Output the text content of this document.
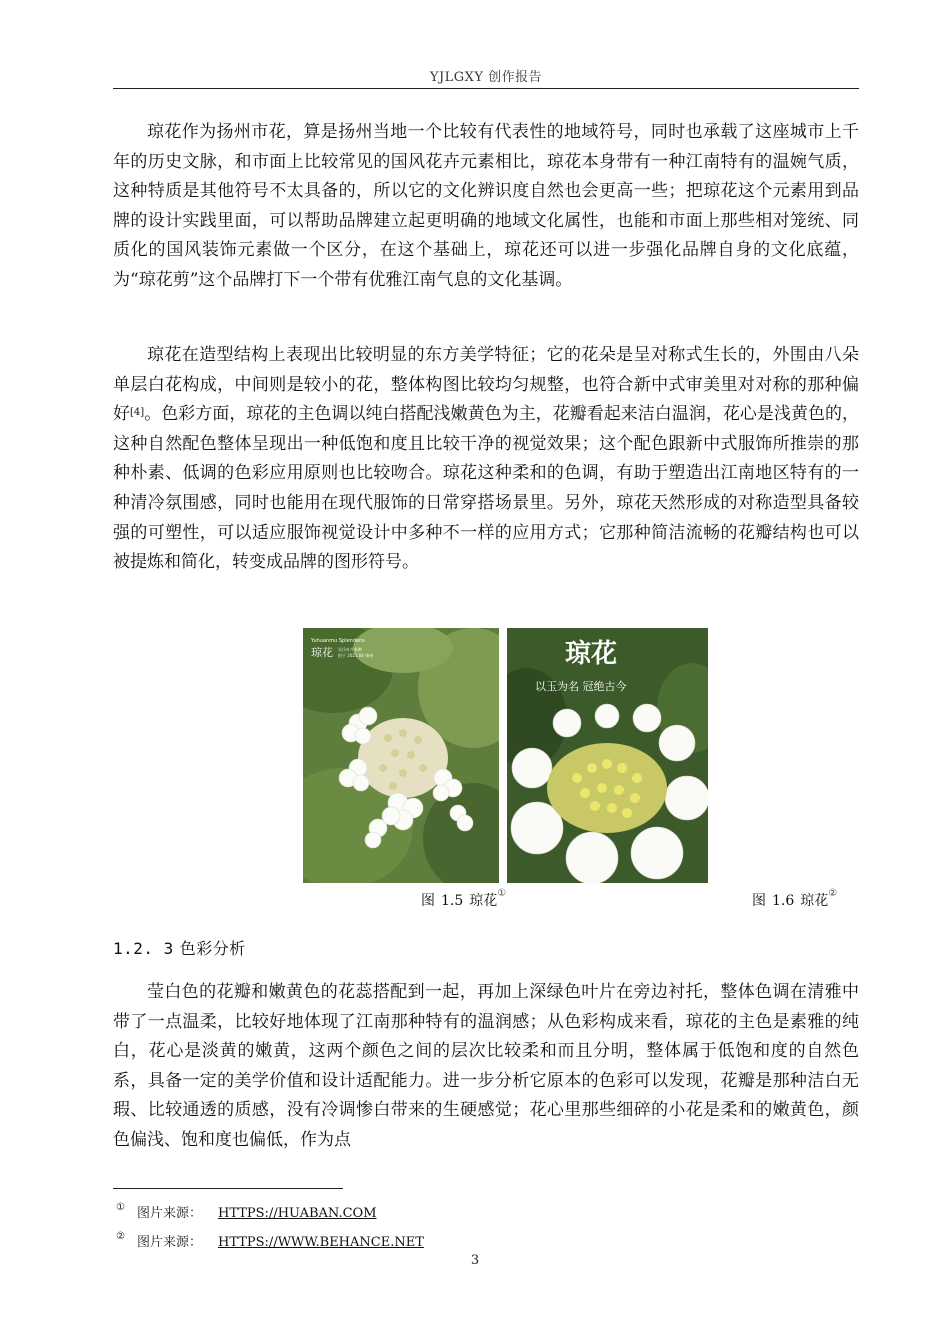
YJLGXY 创作报告

琼花作为扬州市花，算是扬州当地一个比较有代表性的地域符号，同时也承载了这座城市上千年的历史文脉，和市面上比较常见的国风花卉元素相比，琼花本身带有一种江南特有的温婉气质，这种特质是其他符号不太具备的，所以它的文化辨识度自然也会更高一些；把琼花这个元素用到品牌的设计实践里面，可以帮助品牌建立起更明确的地域文化属性，也能和市面上那些相对笼统、同质化的国风装饰元素做一个区分，在这个基础上，琼花还可以进一步强化品牌自身的文化底蕴，为“琼花剪”这个品牌打下一个带有优雅江南气息的文化基调。

琼花在造型结构上表现出比较明显的东方美学特征；它的花朵是呈对称式生长的，外围由八朵单层白花构成，中间则是较小的花，整体构图比较均匀规整，也符合新中式审美里对对称的那种偏好[4]。色彩方面，琼花的主色调以纯白搭配浅嫩黄色为主，花瓣看起来洁白温润，花心是浅黄色的，这种自然配色整体呈现出一种低饱和度且比较干净的视觉效果；这个配色跟新中式服饰所推崇的那种朴素、低调的色彩应用原则也比较吻合。琼花这种柔和的色调，有助于塑造出江南地区特有的一种清冷氛围感，同时也能用在现代服饰的日常穿搭场景里。另外，琼花天然形成的对称造型具备较强的可塑性，可以适应服饰视觉设计中多种不一样的应用方式；它那种简洁流畅的花瓣结构也可以被提炼和简化，转变成品牌的图形符号。

Yuhuanmu Splendens
琼花 吴氏叶片新种
拍于 2021.04 扬州	琼花
以玉为名 冠绝古今
图 1.5 琼花①	图 1.6 琼花②
1.2. 3 色彩分析

莹白色的花瓣和嫩黄色的花蕊搭配到一起，再加上深绿色叶片在旁边衬托，整体色调在清雅中带了一点温柔，比较好地体现了江南那种特有的温润感；从色彩构成来看，琼花的主色是素雅的纯白，花心是淡黄的嫩黄，这两个颜色之间的层次比较柔和而且分明，整体属于低饱和度的自然色系，具备一定的美学价值和设计适配能力。进一步分析它原本的色彩可以发现，花瓣是那种洁白无瑕、比较通透的质感，没有冷调惨白带来的生硬感觉；花心里那些细碎的小花是柔和的嫩黄色，颜色偏浅、饱和度也偏低，作为点

① 图片来源： HTTPS://HUABAN.COM
② 图片来源： HTTPS://WWW.BEHANCE.NET
3
